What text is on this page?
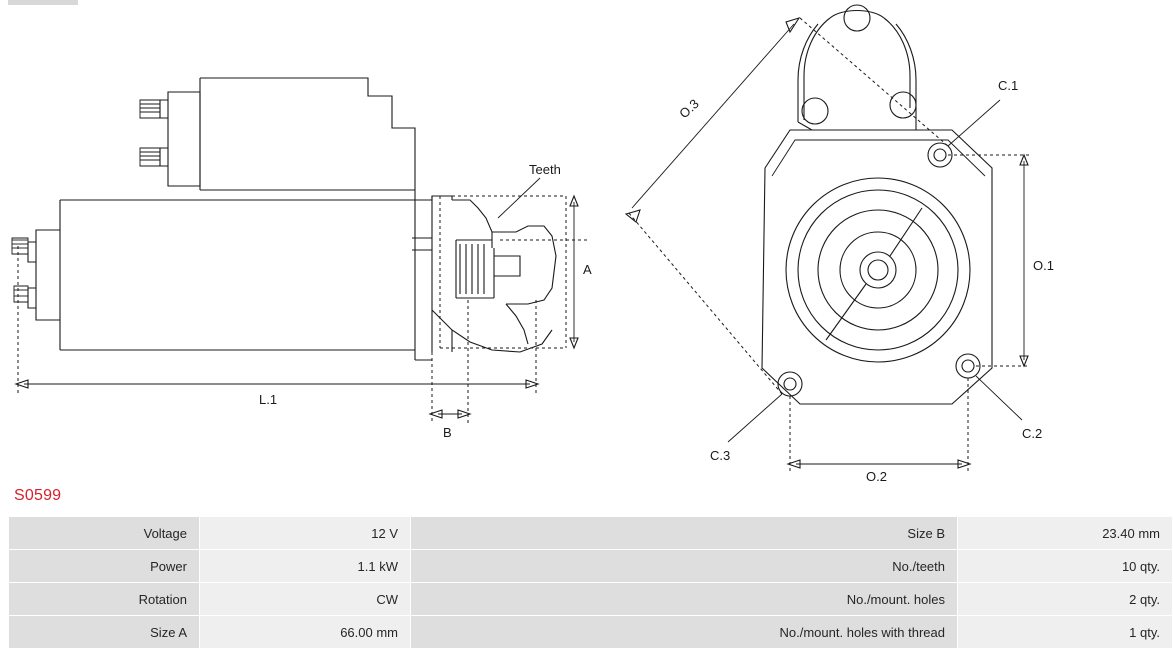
Teeth
A
L.1
B
C.1
C.2
C.3
O.1
O.2
O.3
S0599
Voltage	12 V	Size B	23.40 mm
Power	1.1 kW	No./teeth	10 qty.
Rotation	CW	No./mount. holes	2 qty.
Size A	66.00 mm	No./mount. holes with thread	1 qty.
